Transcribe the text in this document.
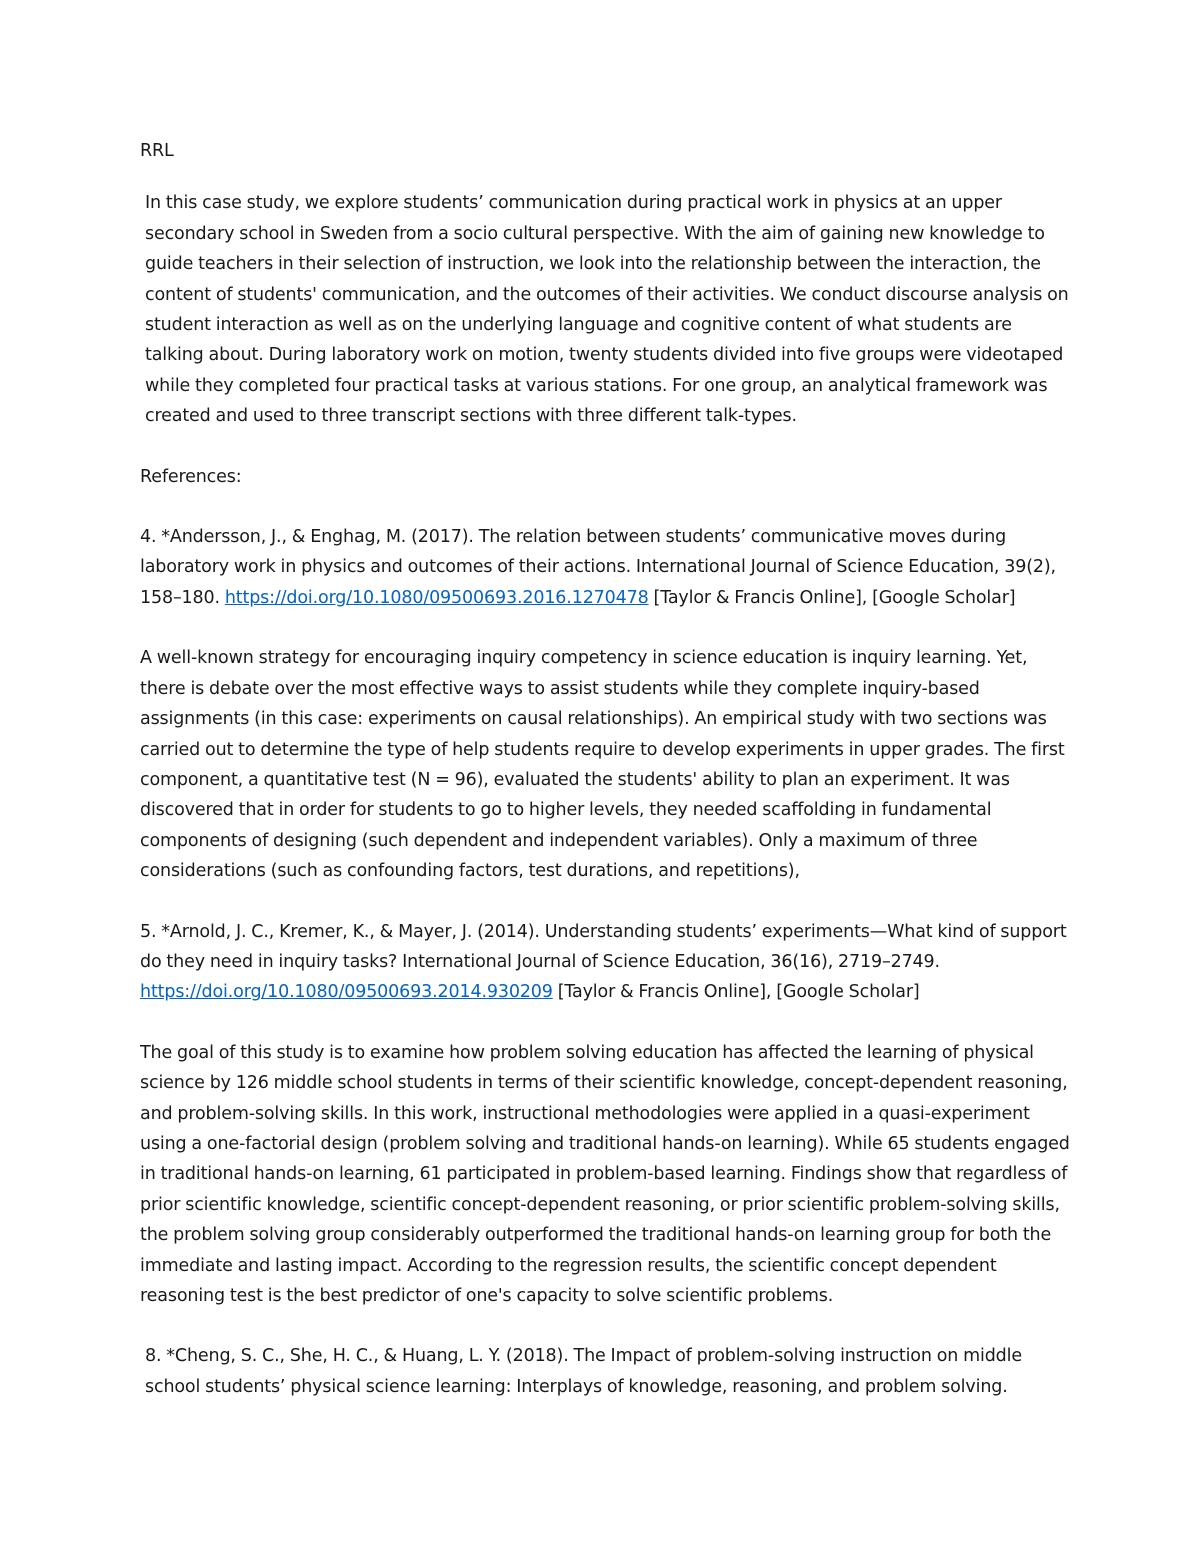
RRL
In this case study, we explore students’ communication during practical work in physics at an upper secondary school in Sweden from a socio cultural perspective. With the aim of gaining new knowledge to guide teachers in their selection of instruction, we look into the relationship between the interaction, the content of students' communication, and the outcomes of their activities. We conduct discourse analysis on student interaction as well as on the underlying language and cognitive content of what students are talking about. During laboratory work on motion, twenty students divided into five groups were videotaped while they completed four practical tasks at various stations. For one group, an analytical framework was created and used to three transcript sections with three different talk-types.
References:
4. *Andersson, J., & Enghag, M. (2017). The relation between students’ communicative moves during laboratory work in physics and outcomes of their actions. International Journal of Science Education, 39(2), 158–180. https://doi.org/10.1080/09500693.2016.1270478 [Taylor & Francis Online], [Google Scholar]
A well-known strategy for encouraging inquiry competency in science education is inquiry learning. Yet, there is debate over the most effective ways to assist students while they complete inquiry-based assignments (in this case: experiments on causal relationships). An empirical study with two sections was carried out to determine the type of help students require to develop experiments in upper grades. The first component, a quantitative test (N = 96), evaluated the students' ability to plan an experiment. It was discovered that in order for students to go to higher levels, they needed scaffolding in fundamental components of designing (such dependent and independent variables). Only a maximum of three considerations (such as confounding factors, test durations, and repetitions),
5. *Arnold, J. C., Kremer, K., & Mayer, J. (2014). Understanding students’ experiments—What kind of support do they need in inquiry tasks? International Journal of Science Education, 36(16), 2719–2749. https://doi.org/10.1080/09500693.2014.930209 [Taylor & Francis Online], [Google Scholar]
The goal of this study is to examine how problem solving education has affected the learning of physical science by 126 middle school students in terms of their scientific knowledge, concept-dependent reasoning, and problem-solving skills. In this work, instructional methodologies were applied in a quasi-experiment using a one-factorial design (problem solving and traditional hands-on learning). While 65 students engaged in traditional hands-on learning, 61 participated in problem-based learning. Findings show that regardless of prior scientific knowledge, scientific concept-dependent reasoning, or prior scientific problem-solving skills, the problem solving group considerably outperformed the traditional hands-on learning group for both the immediate and lasting impact. According to the regression results, the scientific concept dependent reasoning test is the best predictor of one's capacity to solve scientific problems.
8. *Cheng, S. C., She, H. C., & Huang, L. Y. (2018). The Impact of problem-solving instruction on middle school students’ physical science learning: Interplays of knowledge, reasoning, and problem solving.
